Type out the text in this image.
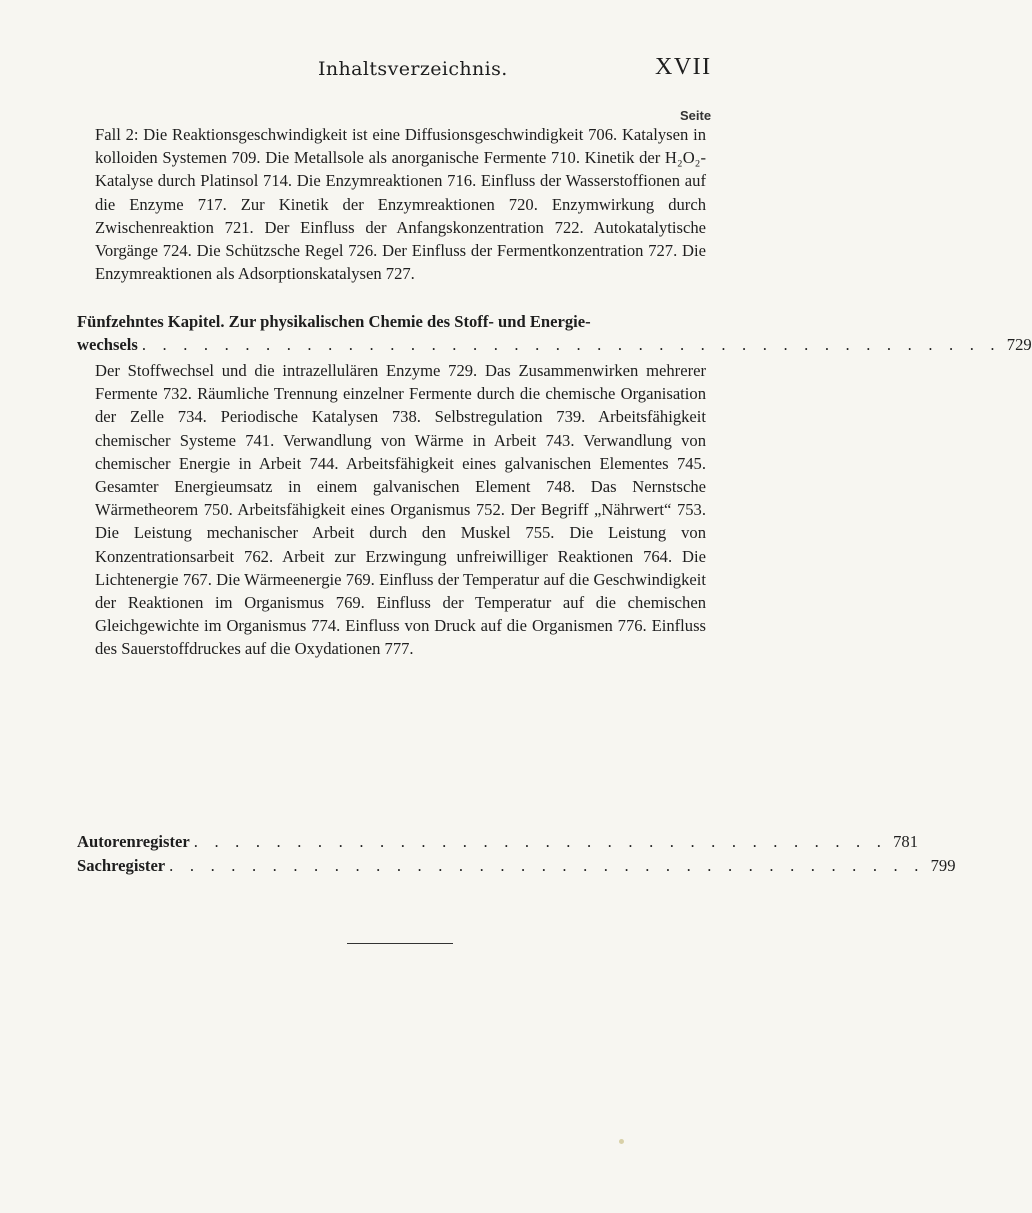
Inhaltsverzeichnis.	XVII
Seite

Fall 2: Die Reaktionsgeschwindigkeit ist eine Diffusionsgeschwindigkeit 706. Katalysen in kolloiden Systemen 709. Die Metallsole als anorganische Fermente 710. Kinetik der H₂O₂-Katalyse durch Platinsol 714. Die Enzymreaktionen 716. Einfluss der Wasserstoffionen auf die Enzyme 717. Zur Kinetik der Enzymreaktionen 720. Enzymwirkung durch Zwischenreaktion 721. Der Einfluss der Anfangskonzentration 722. Autokatalytische Vorgänge 724. Die Schützsche Regel 726. Der Einfluss der Fermentkonzentration 727. Die Enzymreaktionen als Adsorptionskatalysen 727.

Fünfzehntes Kapitel. Zur physikalischen Chemie des Stoff- und Energie-
wechsels . . . . . . . . . . . . . . . . . . . . . . . . . . . . . . . . . . . . . . . . . . 729

Der Stoffwechsel und die intrazellulären Enzyme 729. Das Zusammenwirken mehrerer Fermente 732. Räumliche Trennung einzelner Fermente durch die chemische Organisation der Zelle 734. Periodische Katalysen 738. Selbstregulation 739. Arbeitsfähigkeit chemischer Systeme 741. Verwandlung von Wärme in Arbeit 743. Verwandlung von chemischer Energie in Arbeit 744. Arbeitsfähigkeit eines galvanischen Elementes 745. Gesamter Energieumsatz in einem galvanischen Element 748. Das Nernstsche Wärmetheorem 750. Arbeitsfähigkeit eines Organismus 752. Der Begriff „Nährwert“ 753. Die Leistung mechanischer Arbeit durch den Muskel 755. Die Leistung von Konzentrationsarbeit 762. Arbeit zur Erzwingung unfreiwilliger Reaktionen 764. Die Lichtenergie 767. Die Wärmeenergie 769. Einfluss der Temperatur auf die Geschwindigkeit der Reaktionen im Organismus 769. Einfluss der Temperatur auf die chemischen Gleichgewichte im Organismus 774. Einfluss von Druck auf die Organismen 776. Einfluss des Sauerstoffdruckes auf die Oxydationen 777.

Autorenregister . . . . . . . . . . . . . . . . . . . . . . . . . . . . . . . . . . 781
Sachregister . . . . . . . . . . . . . . . . . . . . . . . . . . . . . . . . . . . . . 799
